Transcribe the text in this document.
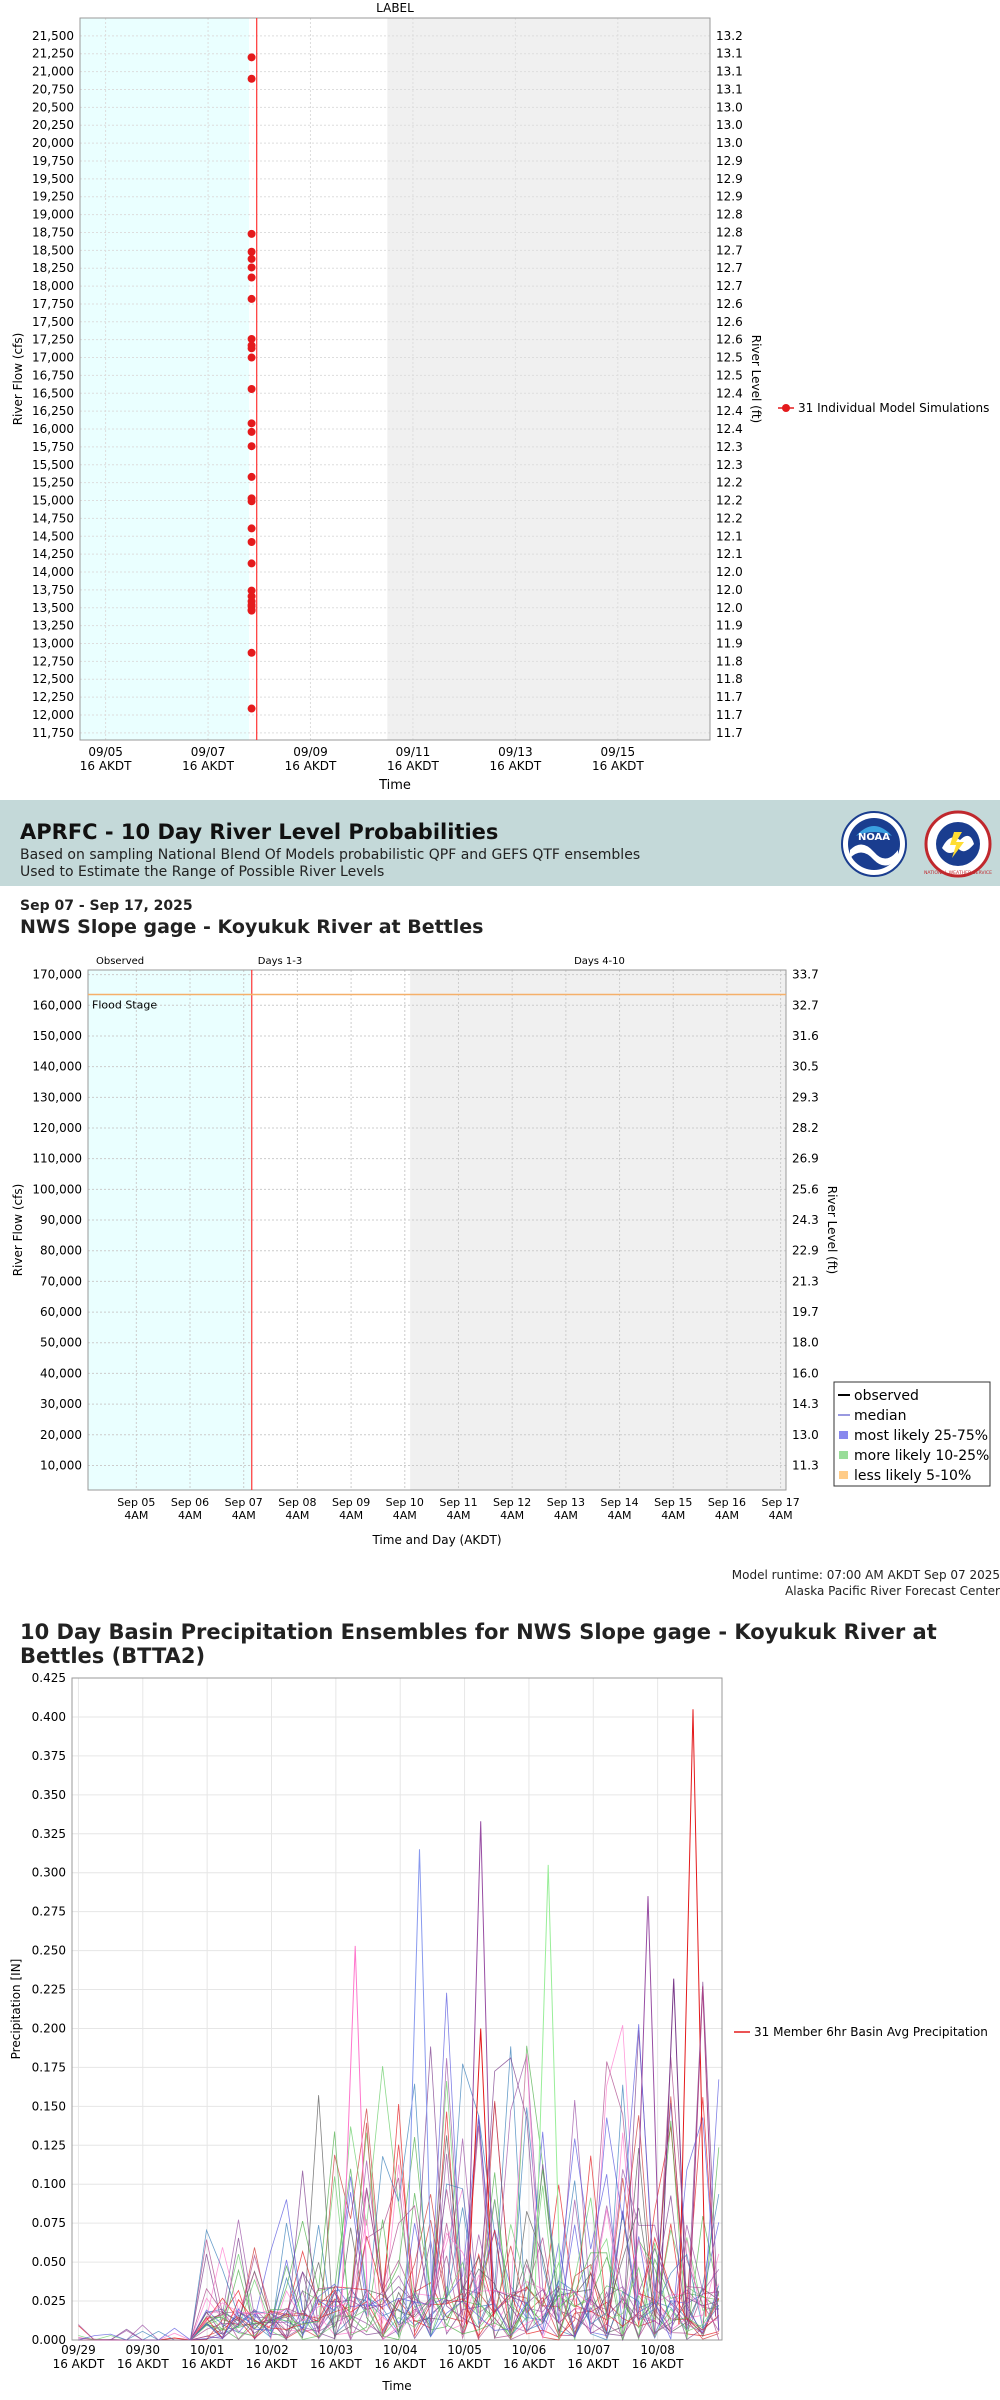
11,750	11.7
12,000	11.7
12,250	11.7
12,500	11.8
12,750	11.8
13,000	11.9
13,250	11.9
13,500	12.0
13,750	12.0
14,000	12.0
14,250	12.1
14,500	12.1
14,750	12.2
15,000	12.2
15,250	12.2
15,500	12.3
15,750	12.3
16,000	12.4
16,250	12.4
16,500	12.4
16,750	12.5
17,000	12.5
17,250	12.6
17,500	12.6
17,750	12.6
18,000	12.7
18,250	12.7
18,500	12.7
18,750	12.8
19,000	12.8
19,250	12.9
19,500	12.9
19,750	12.9
20,000	13.0
20,250	13.0
20,500	13.0
20,750	13.1
21,000	13.1
21,250	13.1
21,500	13.2
09/05
16 AKDT
09/07
16 AKDT
09/09
16 AKDT
09/11
16 AKDT
09/13
16 AKDT
09/15
16 AKDT
LABEL
Time
River Flow (cfs)	River Level (ft)	31 Individual Model Simulations
APRFC - 10 Day River Level Probabilities
Based on sampling National Blend Of Models probabilistic QPF and GEFS QTF ensembles
Used to Estimate the Range of Possible River Levels
NOAA
NATIONAL WEATHER SERVICE
Sep 07 - Sep 17, 2025
NWS Slope gage - Koyukuk River at Bettles
10,000	11.3
20,000	13.0
30,000	14.3
40,000	16.0
50,000	18.0
60,000	19.7
70,000	21.3
80,000	22.9
90,000	24.3
100,000	25.6
110,000	26.9
120,000	28.2
130,000	29.3
140,000	30.5
150,000	31.6
160,000	32.7
170,000	33.7
Sep 05
4AM
Sep 06
4AM
Sep 07
4AM
Sep 08
4AM
Sep 09
4AM
Sep 10
4AM
Sep 11
4AM
Sep 12
4AM
Sep 13
4AM
Sep 14
4AM
Sep 15
4AM
Sep 16
4AM
Sep 17
4AM
Flood Stage
Observed	Days 1-3	Days 4-10
Time and Day (AKDT)
River Flow (cfs)	River Level (ft)
observed
median
most likely 25-75%
more likely 10-25%
less likely 5-10%
Model runtime: 07:00 AM AKDT Sep 07 2025
Alaska Pacific River Forecast Center
10 Day Basin Precipitation Ensembles for NWS Slope gage - Koyukuk River at Bettles (BTTA2)
0.000
0.025
0.050
0.075
0.100
0.125
0.150
0.175
0.200
0.225
0.250
0.275
0.300
0.325
0.350
0.375
0.400
0.425
09/29
16 AKDT
09/30
16 AKDT
10/01
16 AKDT
10/02
16 AKDT
10/03
16 AKDT
10/04
16 AKDT
10/05
16 AKDT
10/06
16 AKDT
10/07
16 AKDT
10/08
16 AKDT
Time
Precipitation [IN]	31 Member 6hr Basin Avg Precipitation
